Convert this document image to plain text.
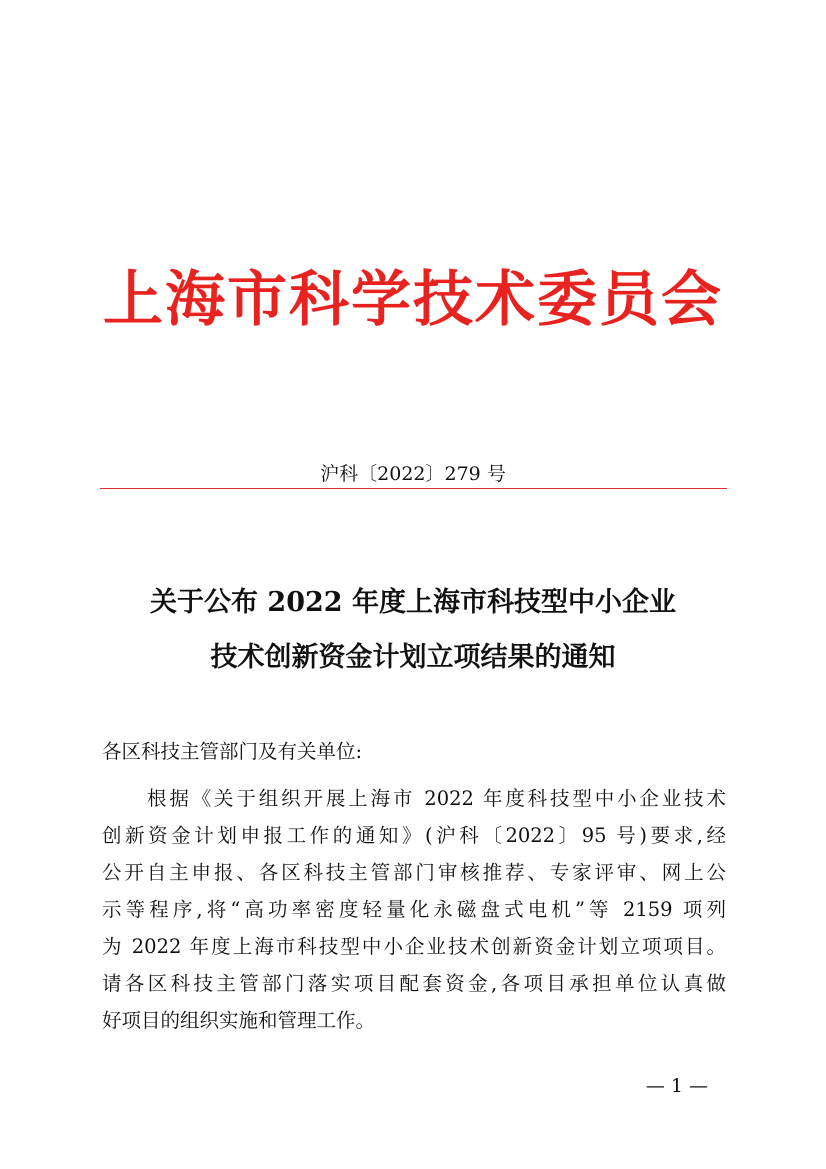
上海市科学技术委员会
沪科〔2022〕279 号
关于公布 2022 年度上海市科技型中小企业
技术创新资金计划立项结果的通知
各区科技主管部门及有关单位:
根据《关于组织开展上海市 2022 年度科技型中小企业技术
创新资金计划申报工作的通知》(沪科〔2022〕95 号)要求,经
公开自主申报、各区科技主管部门审核推荐、专家评审、网上公
示等程序,将“高功率密度轻量化永磁盘式电机”等 2159 项列
为 2022 年度上海市科技型中小企业技术创新资金计划立项项目。
请各区科技主管部门落实项目配套资金,各项目承担单位认真做
好项目的组织实施和管理工作。
— 1 —
